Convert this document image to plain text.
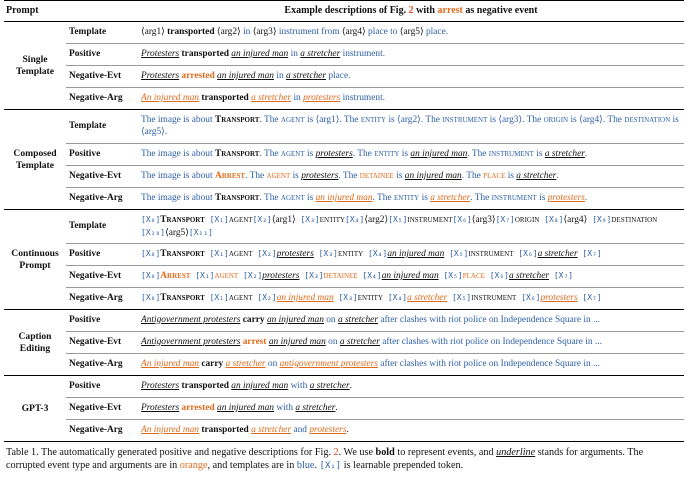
Prompt		Example descriptions of Fig. 2 with arrest as negative event
Single Template	Template	⟨arg1⟩ transported ⟨arg2⟩ in ⟨arg3⟩ instrument from ⟨arg4⟩ place to ⟨arg5⟩ place.
	Positive	Protesters transported an injured man in a stretcher instrument.
	Negative-Evt	Protesters arrested an injured man in a stretcher place.
	Negative-Arg	An injured man transported a stretcher in protesters instrument.
Composed Template	Template	The image is about Transport. The agent is ⟨arg1⟩. The entity is ⟨arg2⟩. The instrument is ⟨arg3⟩. The origin is ⟨arg4⟩. The destination is ⟨arg5⟩.
	Positive	The image is about Transport. The agent is protesters. The entity is an injured man. The instrument is a stretcher.
	Negative-Evt	The image is about Arrest. The agent is protesters. The detainee is an injured man. The place is a stretcher.
	Negative-Arg	The image is about Transport. The agent is an injured man. The entity is a stretcher. The instrument is protesters.
Continuous Prompt	Template	[X₀]Transport [X₁]agent[X₂]⟨arg1⟩ [X₃]entity[X₄]⟨arg2⟩[X₅]instrument[X₆]⟨arg3⟩[X₇]origin [X₈]⟨arg4⟩ [X₉]destination [X₁₀]⟨arg5⟩[X₁₁]
	Positive	[X₀]Transport [X₁]agent [X₂]protesters [X₃]entity [X₄]an injured man [X₅]instrument [X₆]a stretcher [X₇]
	Negative-Evt	[X₀]Arrest [X₁]agent [X₂]protesters [X₃]detainee [X₄]an injured man [X₅]place [X₆]a stretcher [X₇]
	Negative-Arg	[X₀]Transport [X₁]agent [X₂]an injured man [X₃]entity [X₄]a stretcher [X₅]instrument [X₆]protesters [X₇]
Caption Editing	Positive	Antigovernment protesters carry an injured man on a stretcher after clashes with riot police on Independence Square in ...
	Negative-Evt	Antigovernment protesters arrest an injured man on a stretcher after clashes with riot police on Independence Square in ...
	Negative-Arg	An injured man carry a stretcher on antigovernment protesters after clashes with riot police on Independence Square in ...
GPT-3	Positive	Protesters transported an injured man with a stretcher.
	Negative-Evt	Protesters arrested an injured man with a stretcher.
	Negative-Arg	An injured man transported a stretcher and protesters.
Table 1. The automatically generated positive and negative descriptions for Fig. 2. We use bold to represent events, and underline stands for arguments. The corrupted event type and arguments are in orange, and templates are in blue. [Xᵢ] is learnable prepended token.
